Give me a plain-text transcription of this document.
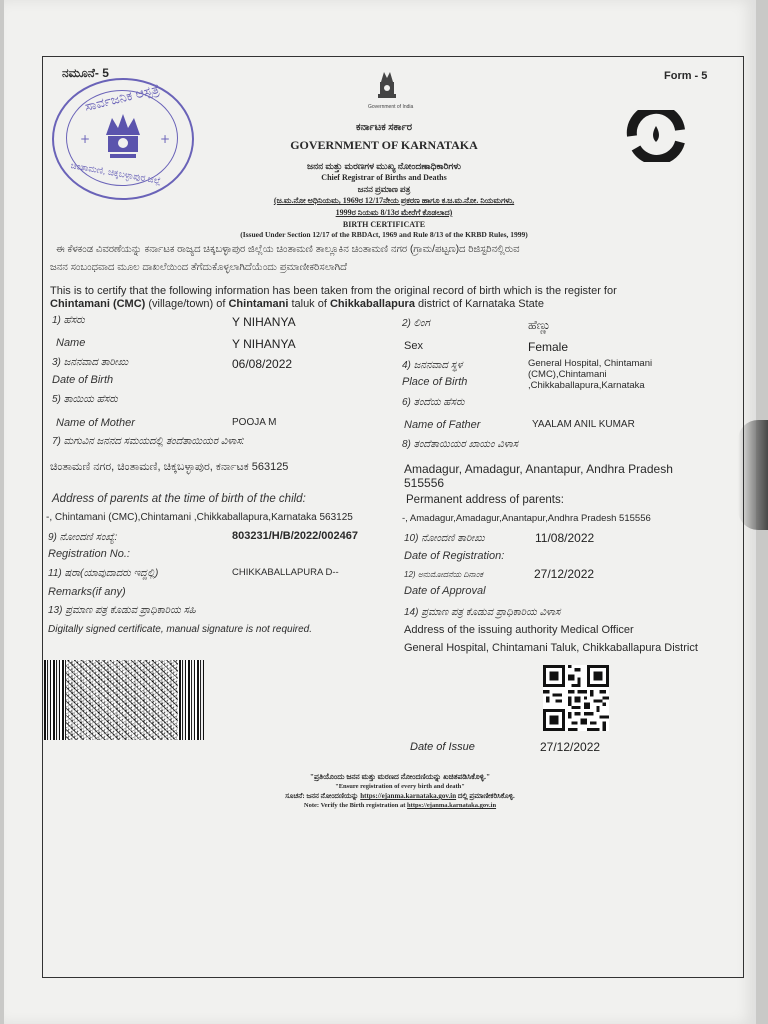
+	+
ಸಾರ್ವಜನಿಕ ಆಸ್ಪತ್ರೆ
ಚಿಂತಾಮಣಿ, ಚಿಕ್ಕಬಳ್ಳಾಪುರ ಜಿಲ್ಲೆ
ನಮೂನೆ- 5	Form - 5
Government of India
ಕರ್ನಾಟಕ ಸರ್ಕಾರ
GOVERNMENT OF KARNATAKA
ಜನನ ಮತ್ತು ಮರಣಗಳ ಮುಖ್ಯ ನೋಂದಣಾಧಿಕಾರಿಗಳು
Chief Registrar of Births and Deaths
ಜನನ ಪ್ರಮಾಣ ಪತ್ರ
(ಜ.ಮ.ನೋ ಅಧಿನಿಯಮ, 1969ರ 12/17ನೇಯ ಪ್ರಕರಣ ಹಾಗೂ ಕ.ಜ.ಮ.ನೋ. ನಿಯಮಗಳು,
1999ರ ನಿಯಮ 8/13ರ ಮೇರೆಗೆ ಕೊಡಲಾದ)
BIRTH CERTIFICATE
(Issued Under Section 12/17 of the RBDAct, 1969 and Rule 8/13 of the KRBD Rules, 1999)
ಈ ಕೆಳಕಂಡ ವಿವರಣೆಯನ್ನು ಕರ್ನಾಟಕ ರಾಜ್ಯದ ಚಿಕ್ಕಬಳ್ಳಾಪುರ ಜಿಲ್ಲೆಯ ಚಿಂತಾಮಣಿ ತಾಲ್ಲೂಕಿನ ಚಿಂತಾಮಣಿ ನಗರ (ಗ್ರಾಮ/ಪಟ್ಟಣ)ದ ರಿಜಿಸ್ಟರಿನಲ್ಲಿರುವ
ಜನನ ಸಂಬಂಧವಾದ ಮೂಲ ದಾಖಲೆಯಿಂದ ತೆಗೆದುಕೊಳ್ಳಲಾಗಿದೆಯೆಂದು ಪ್ರಮಾಣೀಕರಿಸಲಾಗಿದೆ
This is to certify that the following information has been taken from the original record of birth which is the register for
Chintamani (CMC) (village/town) of Chintamani taluk of Chikkaballapura district of Karnataka State
1) ಹೆಸರು	Y NIHANYA	2) ಲಿಂಗ	ಹೆಣ್ಣು
Name	Y NIHANYA	Sex	Female
3) ಜನನವಾದ ತಾರೀಖು	06/08/2022	4) ಜನನವಾದ ಸ್ಥಳ	General Hospital, Chintamani
(CMC),Chintamani
,Chikkaballapura,Karnataka
Date of Birth	Place of Birth
5) ತಾಯಿಯ ಹೆಸರು	6) ತಂದೆಯ ಹೆಸರು
Name of Mother	POOJA M	Name of Father	YAALAM ANIL KUMAR
7) ಮಗುವಿನ ಜನನದ ಸಮಯದಲ್ಲಿ ತಂದೆತಾಯಿಯರ ವಿಳಾಸ:	8) ತಂದೆತಾಯಿಯರ ಖಾಯಂ ವಿಳಾಸ
ಚಿಂತಾಮಣಿ ನಗರ, ಚಿಂತಾಮಣಿ, ಚಿಕ್ಕಬಳ್ಳಾಪುರ, ಕರ್ನಾಟಕ 563125	Amadagur, Amadagur, Anantapur, Andhra Pradesh
515556
Address of parents at the time of birth of the child:	Permanent address of parents:
-, Chintamani (CMC),Chintamani ,Chikkaballapura,Karnataka 563125	-, Amadagur,Amadagur,Anantapur,Andhra Pradesh 515556
9) ನೋಂದಣಿ ಸಂಖ್ಯೆ:	803231/H/B/2022/002467	10) ನೋಂದಣಿ ತಾರೀಖು	11/08/2022
Registration No.:	Date of Registration:
11) ಷರಾ(ಯಾವುದಾದರು ಇದ್ದಲ್ಲಿ)	CHIKKABALLAPURA D--	12) ಅನುಮೋದನೆಯ ದಿನಾಂಕ	27/12/2022
Remarks(if any)	Date of Approval
13) ಪ್ರಮಾಣ ಪತ್ರ ಕೊಡುವ ಪ್ರಾಧಿಕಾರಿಯ ಸಹಿ	14) ಪ್ರಮಾಣ ಪತ್ರ ಕೊಡುವ ಪ್ರಾಧಿಕಾರಿಯ ವಿಳಾಸ
Digitally signed certificate, manual signature is not required.	Address of the issuing authority Medical Officer
General Hospital, Chintamani Taluk, Chikkaballapura District
Date of Issue	27/12/2022
"ಪ್ರತಿಯೊಂದು ಜನನ ಮತ್ತು ಮರಣದ ನೋಂದಣಿಯನ್ನು ಖಚಿತಪಡಿಸಿಕೊಳ್ಳಿ."
"Ensure registration of every birth and death"
ಸೂಚನೆ: ಜನನ ನೋಂದಣಿಯನ್ನು https://ejanma.karnataka.gov.in ದಲ್ಲಿ ಪ್ರಮಾಣೀಕರಿಸಿಕೊಳ್ಳಿ.
Note: Verify the Birth registration at https://ejanma.karnataka.gov.in
